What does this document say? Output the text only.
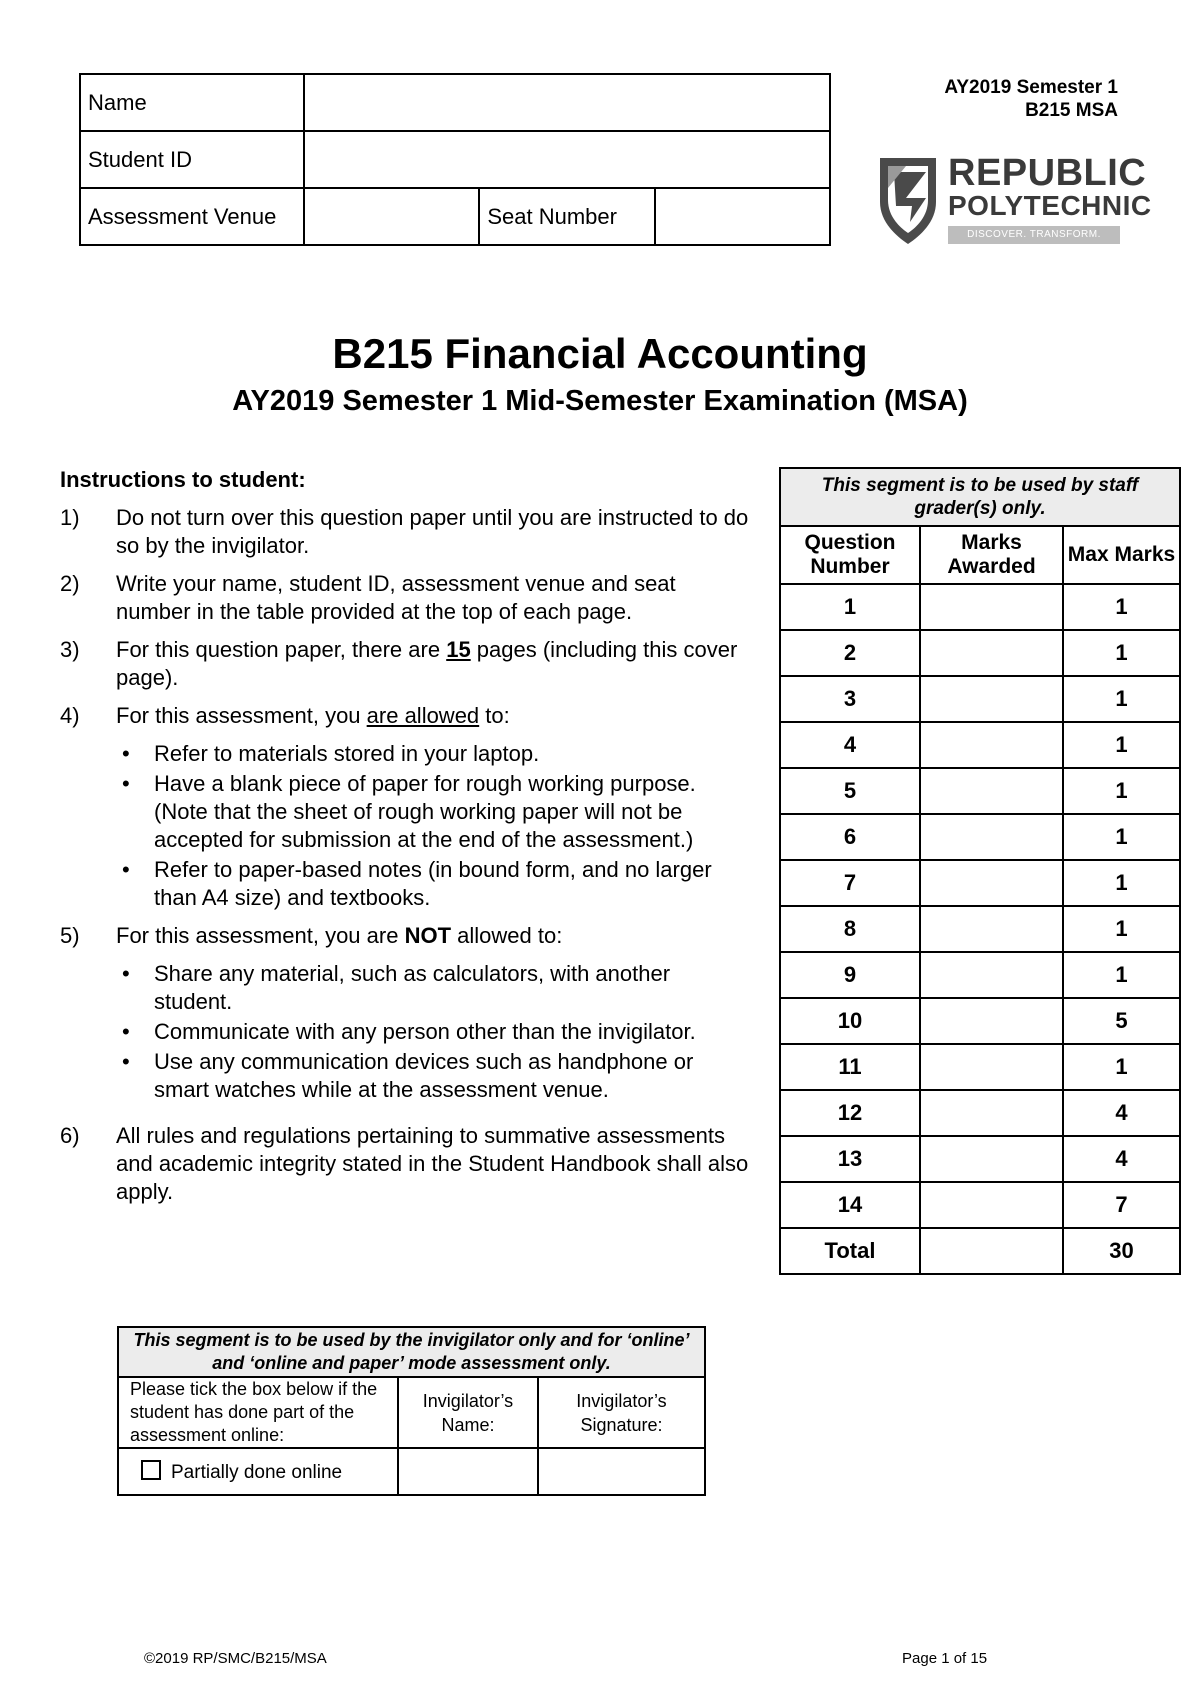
Name			
Student ID			
Assessment Venue		Seat Number	
AY2019 Semester 1
B215 MSA
REPUBLIC
POLYTECHNIC
DISCOVER. TRANSFORM. ACHIEVE
B215 Financial Accounting
AY2019 Semester 1 Mid-Semester Examination (MSA)
Instructions to student:
1) Do not turn over this question paper until you are instructed to do so by the invigilator.
2) Write your name, student ID, assessment venue and seat number in the table provided at the top of each page.
3) For this question paper, there are 15 pages (including this cover page).
4) For this assessment, you are allowed to:
• Refer to materials stored in your laptop.
• Have a blank piece of paper for rough working purpose. (Note that the sheet of rough working paper will not be accepted for submission at the end of the assessment.)
• Refer to paper-based notes (in bound form, and no larger than A4 size) and textbooks.
5) For this assessment, you are NOT allowed to:
• Share any material, such as calculators, with another student.
• Communicate with any person other than the invigilator.
• Use any communication devices such as handphone or smart watches while at the assessment venue.
6) All rules and regulations pertaining to summative assessments and academic integrity stated in the Student Handbook shall also apply.
This segment is to be used by staff grader(s) only.		
Question Number	Marks Awarded	Max Marks
1		1
2		1
3		1
4		1
5		1
6		1
7		1
8		1
9		1
10		5
11		1
12		4
13		4
14		7
Total		30
This segment is to be used by the invigilator only and for ‘online’ and ‘online and paper’ mode assessment only.		
Please tick the box below if the student has done part of the assessment online:	Invigilator’s Name:	Invigilator’s Signature:
Partially done online		
©2019 RP/SMC/B215/MSA	Page 1 of 15
